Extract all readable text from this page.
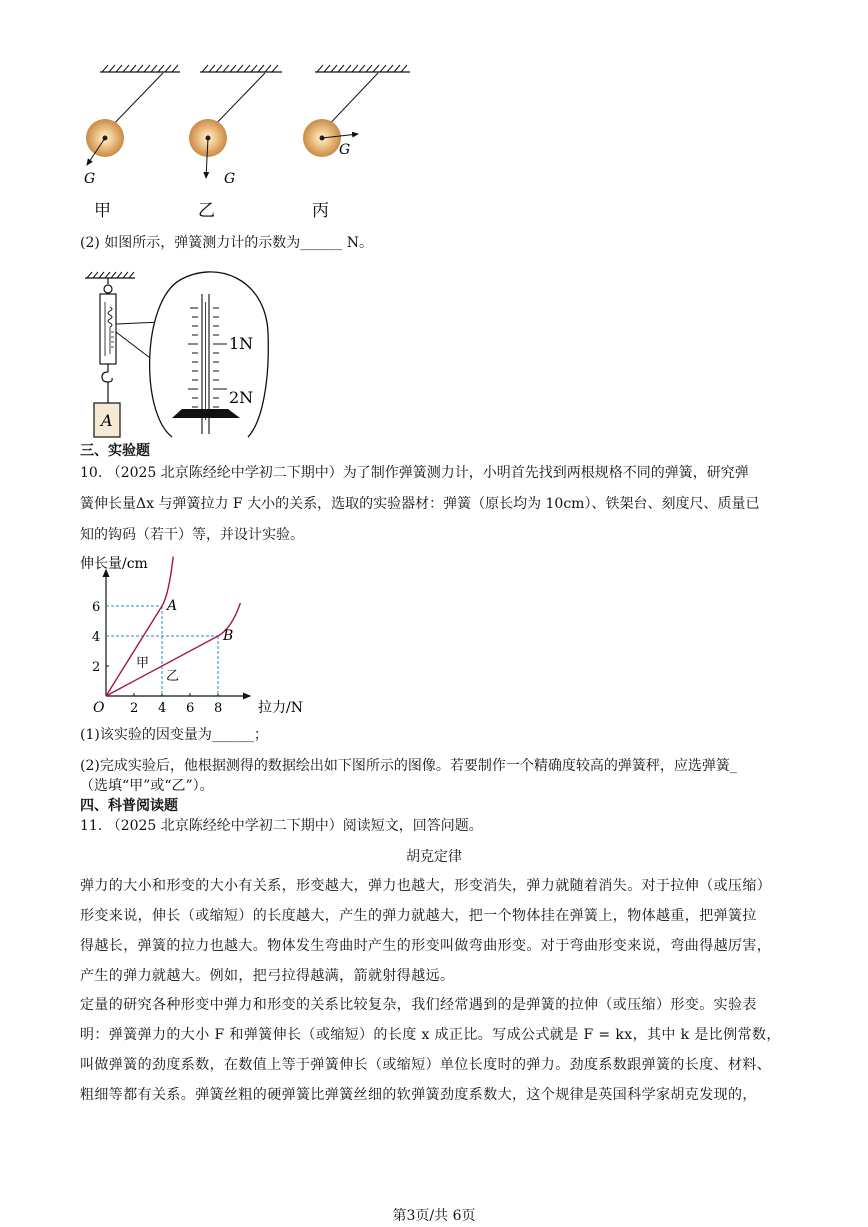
G	G
G
甲	乙	丙
(2) 如图所示，弹簧测力计的示数为______ N。
A
1N
2N
三、实验题
10. （2025 北京陈经纶中学初二下期中）为了制作弹簧测力计，小明首先找到两根规格不同的弹簧，研究弹
簧伸长量Δx 与弹簧拉力 F 大小的关系，选取的实验器材：弹簧（原长均为 10cm）、铁架台、刻度尺、质量已
知的钩码（若干）等，并设计实验。
伸长量/cm
拉力/N
O 2 4 6 8
2
4
6
甲
乙
A
B
(1)该实验的因变量为______；
(2)完成实验后，他根据测得的数据绘出如下图所示的图像。若要制作一个精确度较高的弹簧秤，应选弹簧_
（选填“甲”或“乙”）。
四、科普阅读题
11. （2025 北京陈经纶中学初二下期中）阅读短文，回答问题。
胡克定律
弹力的大小和形变的大小有关系，形变越大，弹力也越大，形变消失，弹力就随着消失。对于拉伸（或压缩）
形变来说，伸长（或缩短）的长度越大，产生的弹力就越大，把一个物体挂在弹簧上，物体越重，把弹簧拉
得越长，弹簧的拉力也越大。物体发生弯曲时产生的形变叫做弯曲形变。对于弯曲形变来说，弯曲得越厉害，
产生的弹力就越大。例如，把弓拉得越满，箭就射得越远。
定量的研究各种形变中弹力和形变的关系比较复杂，我们经常遇到的是弹簧的拉伸（或压缩）形变。实验表
明：弹簧弹力的大小 F 和弹簧伸长（或缩短）的长度 x 成正比。写成公式就是 F = kx，其中 k 是比例常数，
叫做弹簧的劲度系数，在数值上等于弹簧伸长（或缩短）单位长度时的弹力。劲度系数跟弹簧的长度、材料、
粗细等都有关系。弹簧丝粗的硬弹簧比弹簧丝细的软弹簧劲度系数大，这个规律是英国科学家胡克发现的，
第3页/共 6页
